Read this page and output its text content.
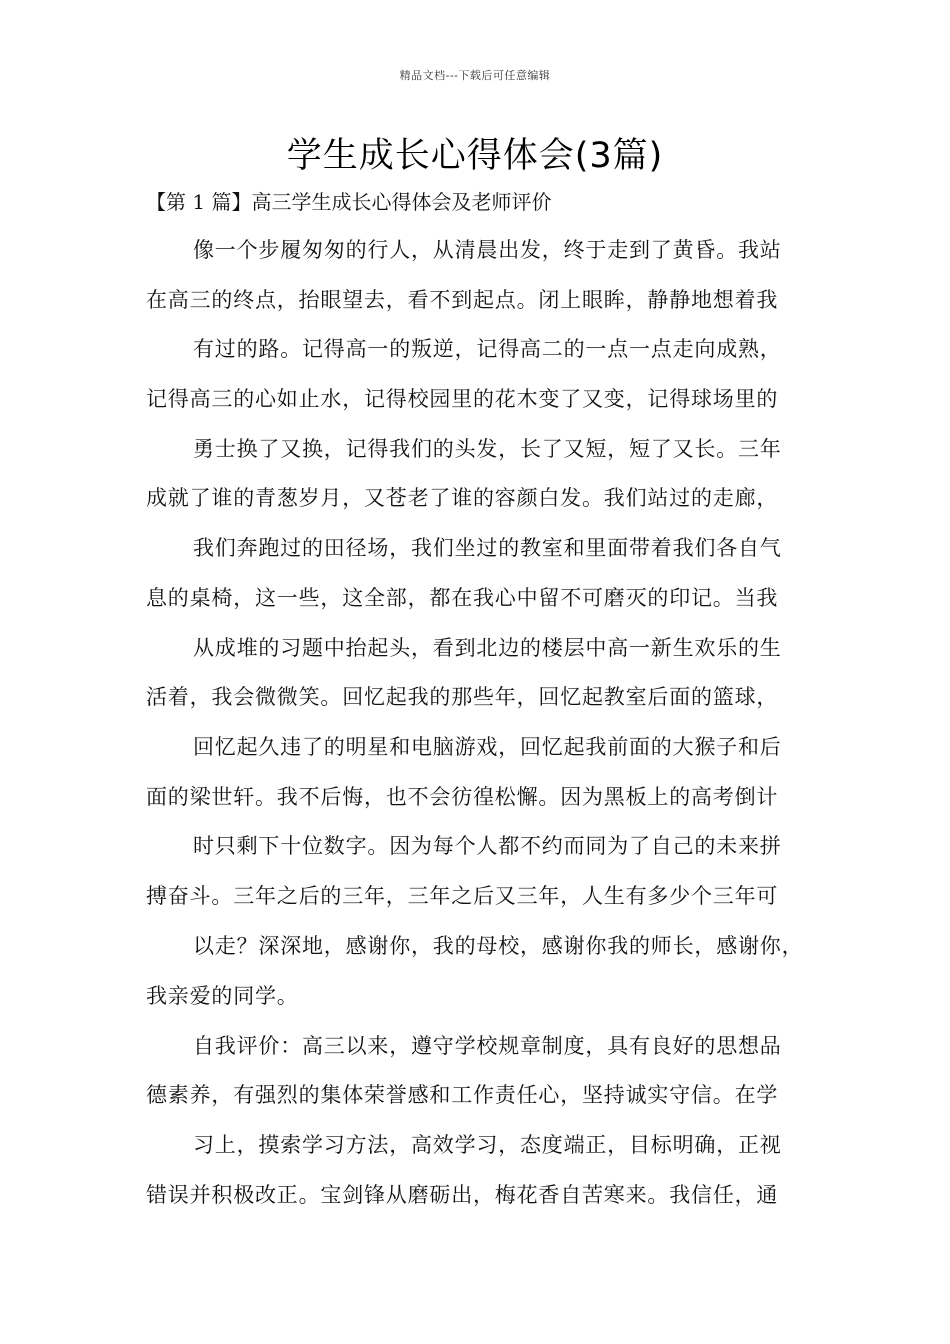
精品文档---下载后可任意编辑
学生成长心得体会(3篇)
【第 1 篇】高三学生成长心得体会及老师评价
像一个步履匆匆的行人，从清晨出发，终于走到了黄昏。我站
在高三的终点，抬眼望去，看不到起点。闭上眼眸，静静地想着我
有过的路。记得高一的叛逆，记得高二的一点一点走向成熟，
记得高三的心如止水，记得校园里的花木变了又变，记得球场里的
勇士换了又换，记得我们的头发，长了又短，短了又长。三年
成就了谁的青葱岁月，又苍老了谁的容颜白发。我们站过的走廊，
我们奔跑过的田径场，我们坐过的教室和里面带着我们各自气
息的桌椅，这一些，这全部，都在我心中留不可磨灭的印记。当我
从成堆的习题中抬起头，看到北边的楼层中高一新生欢乐的生
活着，我会微微笑。回忆起我的那些年，回忆起教室后面的篮球，
回忆起久违了的明星和电脑游戏，回忆起我前面的大猴子和后
面的梁世轩。我不后悔，也不会彷徨松懈。因为黑板上的高考倒计
时只剩下十位数字。因为每个人都不约而同为了自己的未来拼
搏奋斗。三年之后的三年，三年之后又三年，人生有多少个三年可
以走？深深地，感谢你，我的母校，感谢你我的师长，感谢你，
我亲爱的同学。
自我评价：高三以来，遵守学校规章制度，具有良好的思想品
德素养，有强烈的集体荣誉感和工作责任心，坚持诚实守信。在学
习上，摸索学习方法，高效学习，态度端正，目标明确，正视
错误并积极改正。宝剑锋从磨砺出，梅花香自苦寒来。我信任，通
